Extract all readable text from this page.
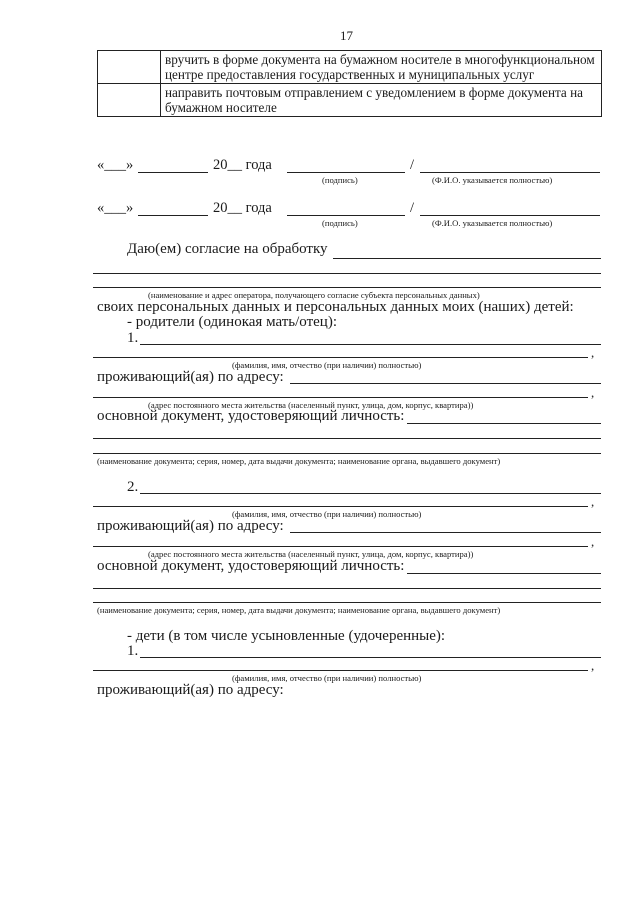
17
	вручить в форме документа на бумажном носителе в многофункциональном центре предоставления государственных и муниципальных услуг
	направить почтовым отправлением с уведомлением в форме документа на бумажном носителе
«___»	20__ года	/
(подпись)	(Ф.И.О. указывается полностью)
«___»	20__ года	/
(подпись)	(Ф.И.О. указывается полностью)
Даю(ем) согласие на обработку
(наименование и адрес оператора, получающего согласие субъекта персональных данных)
своих персональных данных и персональных данных моих (наших) детей:
- родители (одинокая мать/отец):
1.
,
(фамилия, имя, отчество (при наличии) полностью)
проживающий(ая) по адресу:
,
(адрес постоянного места жительства (населенный пункт, улица, дом, корпус, квартира))
основной документ, удостоверяющий личность:
(наименование документа; серия, номер, дата выдачи документа; наименование органа, выдавшего документ)
2.
,
(фамилия, имя, отчество (при наличии) полностью)
проживающий(ая) по адресу:
,
(адрес постоянного места жительства (населенный пункт, улица, дом, корпус, квартира))
основной документ, удостоверяющий личность:
(наименование документа; серия, номер, дата выдачи документа; наименование органа, выдавшего документ)
- дети (в том числе усыновленные (удочеренные):
1.
,
(фамилия, имя, отчество (при наличии) полностью)
проживающий(ая) по адресу:
